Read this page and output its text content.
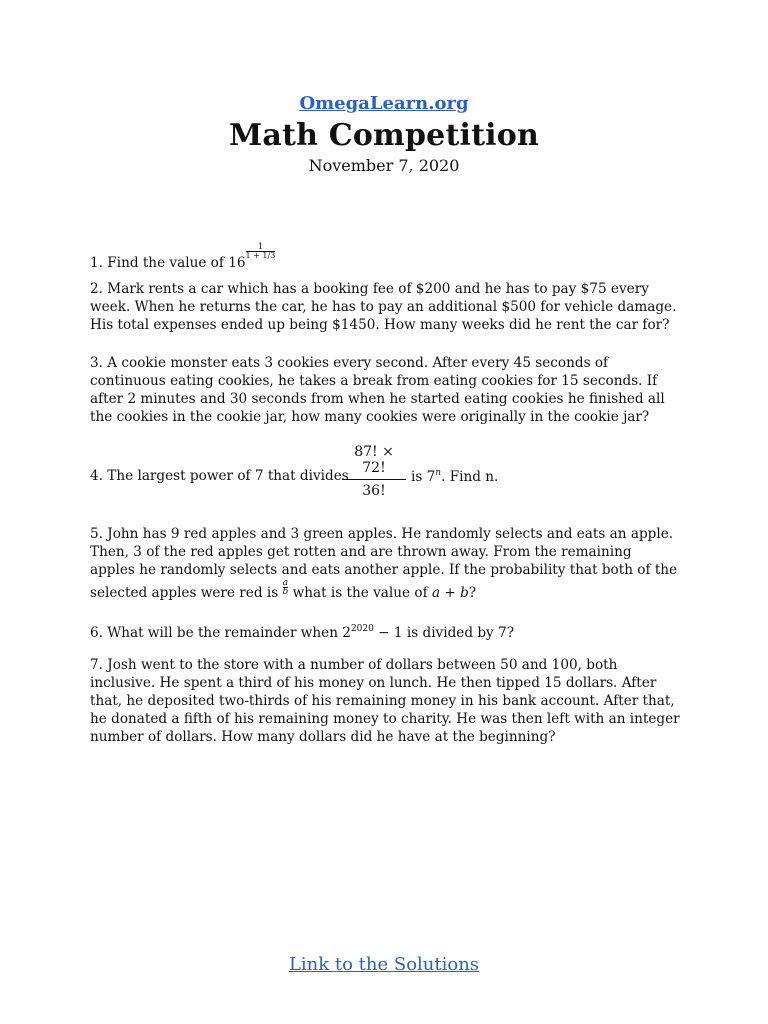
OmegaLearn.org
Math Competition
November 7, 2020
1. Find the value of 16
$\frac{1}{1 + 1/3}$
2. Mark rents a car which has a booking fee of $200 and he has to pay $75 every week. When he returns the car, he has to pay an additional $500 for vehicle damage. His total expenses ended up being $1450. How many weeks did he rent the car for?
3. A cookie monster eats 3 cookies every second. After every 45 seconds of continuous eating cookies, he takes a break from eating cookies for 15 seconds. If after 2 minutes and 30 seconds from when he started eating cookies he finished all the cookies in the cookie jar, how many cookies were originally in the cookie jar?
4. The largest power of 7 that divides
$\frac{87! \times 72!}{36!}$ is 7$^n$. Find n.
5. John has 9 red apples and 3 green apples. He randomly selects and eats an apple. Then, 3 of the red apples get rotten and are thrown away. From the remaining apples he randomly selects and eats another apple. If the probability that both of the selected apples were red is $\frac{a}{b}$ what is the value of a + b?
6. What will be the remainder when $2^{2020} - 1$ is divided by 7?
7. Josh went to the store with a number of dollars between 50 and 100, both inclusive. He spent a third of his money on lunch. He then tipped 15 dollars. After that, he deposited two-thirds of his remaining money in his bank account. After that, he donated a fifth of his remaining money to charity. He was then left with an integer number of dollars. How many dollars did he have at the beginning?
Link to the Solutions
